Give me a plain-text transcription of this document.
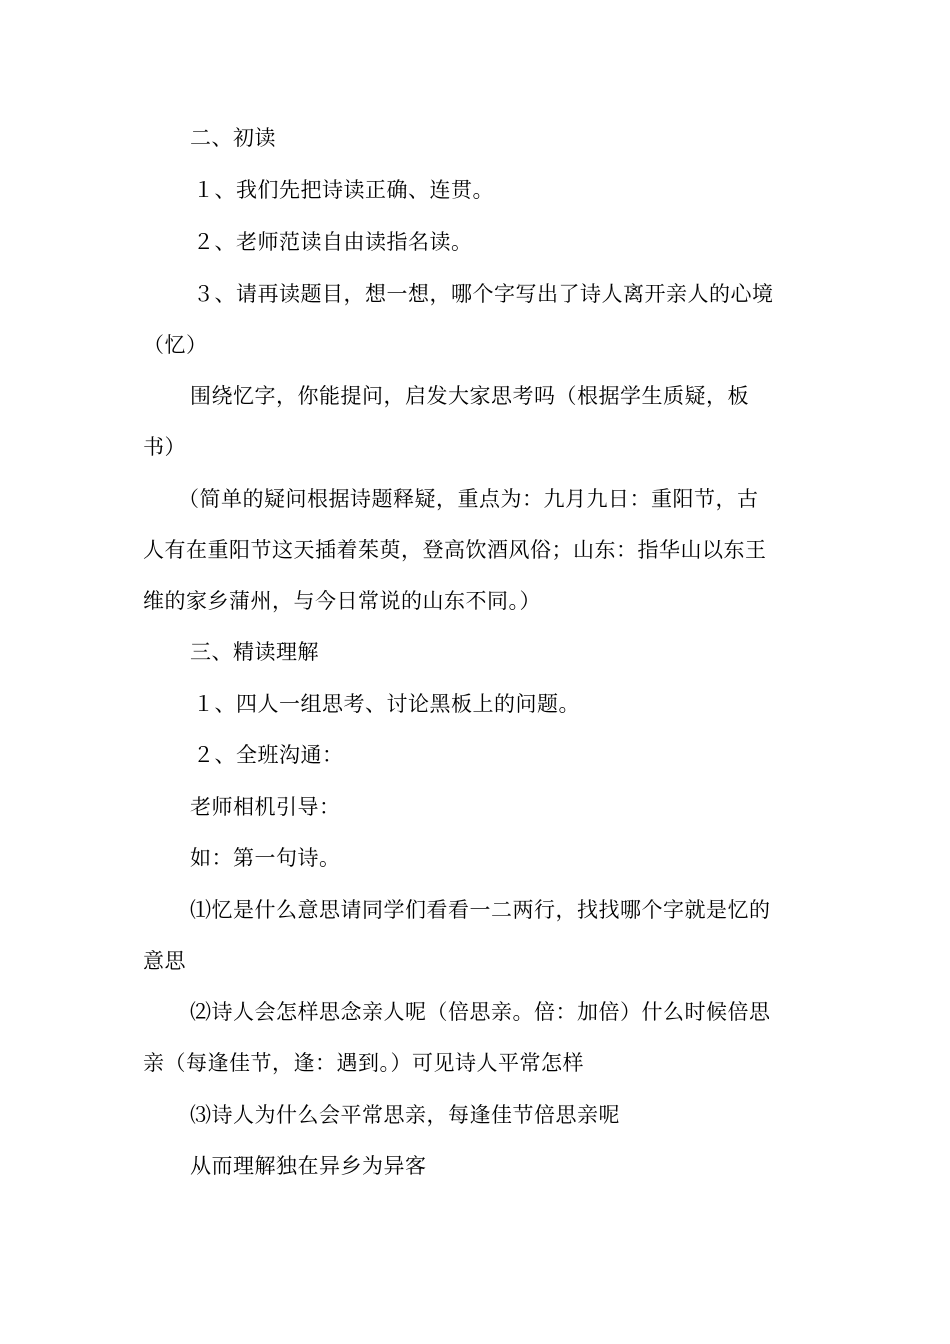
二、初读
１、我们先把诗读正确、连贯。
２、老师范读自由读指名读。
３、请再读题目，想一想，哪个字写出了诗人离开亲人的心境
（忆）
围绕忆字，你能提问，启发大家思考吗（根据学生质疑，板
书）
（简单的疑问根据诗题释疑，重点为：九月九日：重阳节，古
人有在重阳节这天插着茱萸，登高饮酒风俗；山东：指华山以东王
维的家乡蒲州，与今日常说的山东不同。）
三、精读理解
１、四人一组思考、讨论黑板上的问题。
２、全班沟通：
老师相机引导：
如：第一句诗。
⑴忆是什么意思请同学们看看一二两行，找找哪个字就是忆的
意思
⑵诗人会怎样思念亲人呢（倍思亲。倍：加倍）什么时候倍思
亲（每逢佳节，逢：遇到。）可见诗人平常怎样
⑶诗人为什么会平常思亲，每逢佳节倍思亲呢
从而理解独在异乡为异客
